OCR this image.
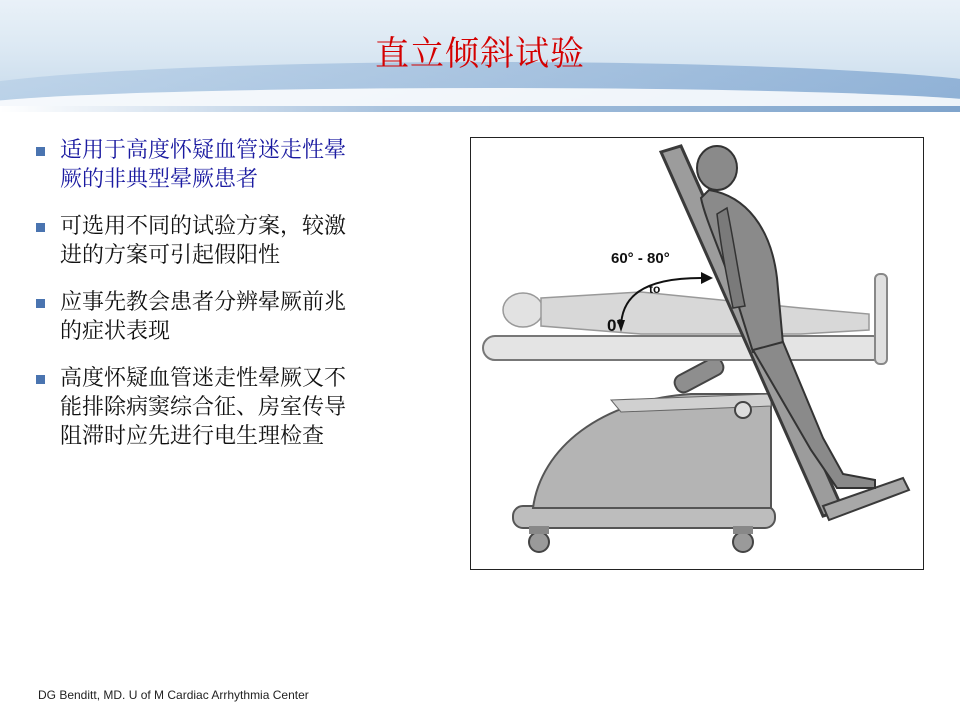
直立倾斜试验
适用于高度怀疑血管迷走性晕厥的非典型晕厥患者
可选用不同的试验方案，较激进的方案可引起假阳性
应事先教会患者分辨晕厥前兆的症状表现
高度怀疑血管迷走性晕厥又不能排除病窦综合征、房室传导阻滞时应先进行电生理检查
60° - 80°
to
0°
DG Benditt, MD. U of M Cardiac Arrhythmia Center
